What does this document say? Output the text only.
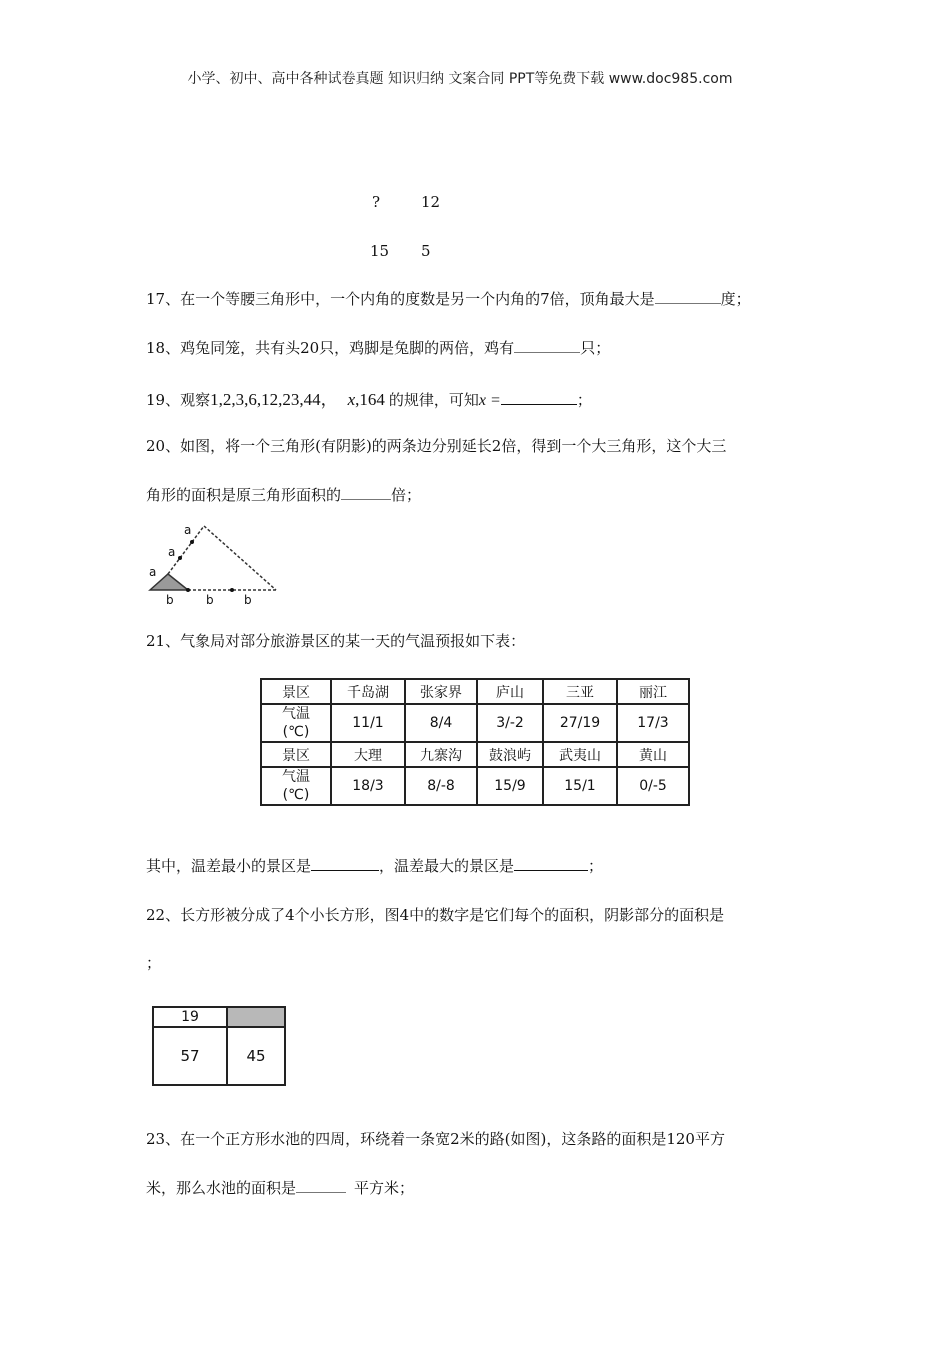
小学、初中、高中各种试卷真题 知识归纳 文案合同 PPT等免费下载 www.doc985.com
?	12
15 5
17、在一个等腰三角形中，一个内角的度数是另一个内角的7倍，顶角最大是	度；
18、鸡兔同笼，共有头20只，鸡脚是兔脚的两倍，鸡有	只；
19、观察1,2,3,6,12,23,44， x,164 的规律，可知x =	；
20、如图，将一个三角形(有阴影)的两条边分别延长2倍，得到一个大三角形，这个大三
角形的面积是原三角形面积的	倍；
a
a
a
b	b	b
21、气象局对部分旅游景区的某一天的气温预报如下表：
景区	千岛湖	张家界	庐山	三亚	丽江

气温
(℃)	11/1	8/4	3/-2	27/19	17/3
景区	大理	九寨沟	鼓浪屿	武夷山	黄山

气温
(℃)	18/3	8/-8	15/9	15/1	0/-5
其中，温差最小的景区是	，温差最大的景区是	；
22、长方形被分成了4个小长方形，图4中的数字是它们每个的面积，阴影部分的面积是
；
19
57	45
23、在一个正方形水池的四周，环绕着一条宽2米的路(如图)，这条路的面积是120平方
米，那么水池的面积是	平方米；
